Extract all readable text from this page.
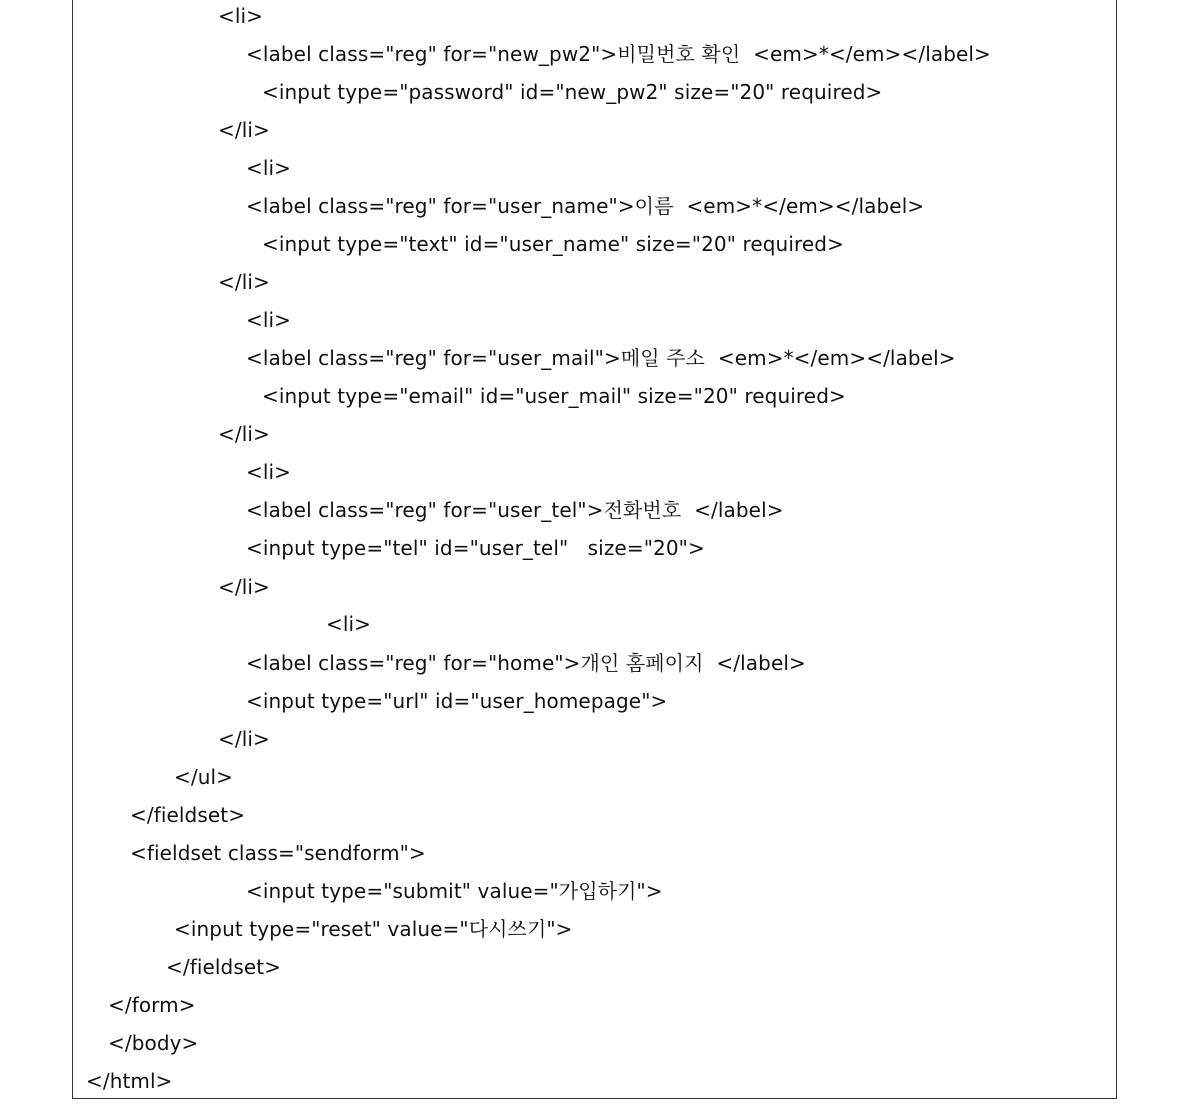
<li>
<label class="reg" for="new_pw2">비밀번호 확인  <em>*</em></label>
<input type="password" id="new_pw2" size="20" required>
</li>
<li>
<label class="reg" for="user_name">이름  <em>*</em></label>
<input type="text" id="user_name" size="20" required>
</li>
<li>
<label class="reg" for="user_mail">메일 주소  <em>*</em></label>
<input type="email" id="user_mail" size="20" required>
</li>
<li>
<label class="reg" for="user_tel">전화번호  </label>
<input type="tel" id="user_tel"   size="20">
</li>
<li>
<label class="reg" for="home">개인 홈페이지  </label>
<input type="url" id="user_homepage">
</li>
</ul>
</fieldset>
<fieldset class="sendform">
<input type="submit" value="가입하기">
<input type="reset" value="다시쓰기">
</fieldset>
</form>
</body>
</html>
